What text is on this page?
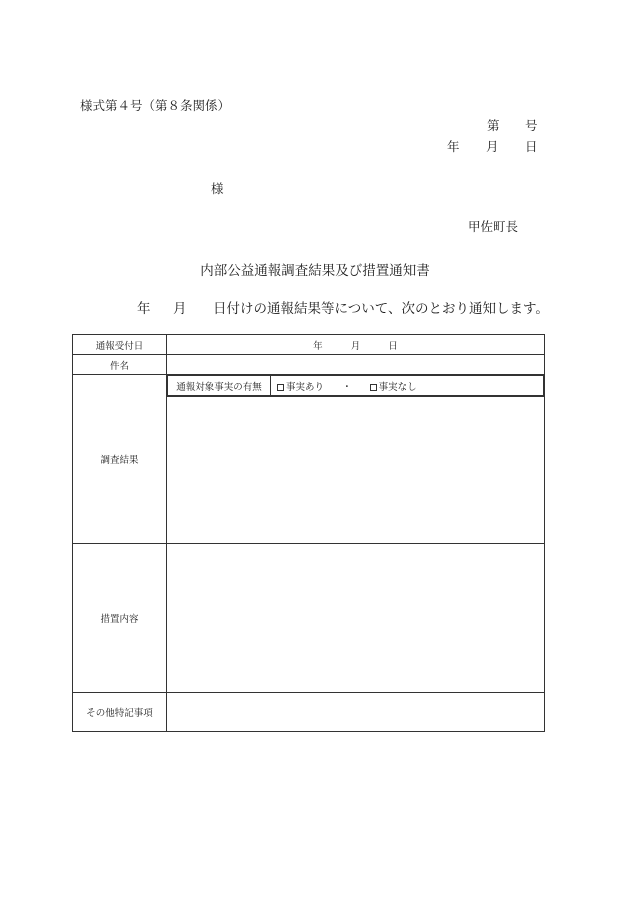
様式第４号（第８条関係）
第 号
年 月 日
様
甲佐町長
内部公益通報調査結果及び措置通知書
年 月 日付けの通報結果等について、次のとおり通知します。
通報受付日	年	月	日
件名	
調査結果	
通報対象事実の有無	事実あり ・	事実なし

措置内容	
その他特記事項	
